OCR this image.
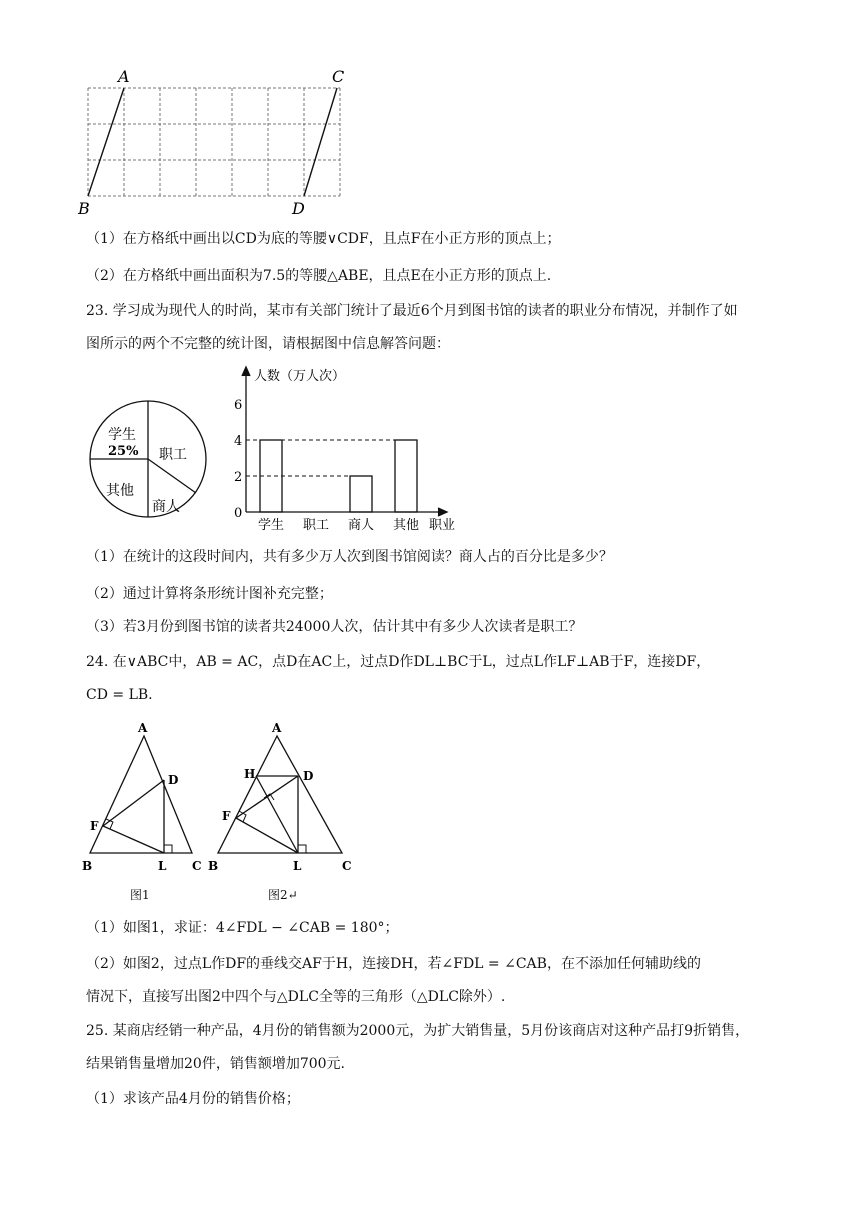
A
B
C
D
（1）在方格纸中画出以CD为底的等腰∨CDF，且点F在小正方形的顶点上；
（2）在方格纸中画出面积为7.5的等腰△ABE，且点E在小正方形的顶点上.
23. 学习成为现代人的时尚，某市有关部门统计了最近6个月到图书馆的读者的职业分布情况，并制作了如
图所示的两个不完整的统计图，请根据图中信息解答问题：
学生
25% 职工
其他
商人
人数（万人次）
职业
0
2
4
6
学生 职工 商人 其他
（1）在统计的这段时间内，共有多少万人次到图书馆阅读？商人占的百分比是多少？
（2）通过计算将条形统计图补充完整；
（3）若3月份到图书馆的读者共24000人次，估计其中有多少人次读者是职工？
24. 在∨ABC中，AB = AC，点D在AC上，过点D作DL⊥BC于L，过点L作LF⊥AB于F，连接DF，
CD = LB.
A
D
F
B	L C
图1
A
H	D
F
B	L	C
图2↵
（1）如图1，求证：4∠FDL − ∠CAB = 180°；
（2）如图2，过点L作DF的垂线交AF于H，连接DH，若∠FDL = ∠CAB，在不添加任何辅助线的
情况下，直接写出图2中四个与△DLC全等的三角形（△DLC除外）.
25. 某商店经销一种产品，4月份的销售额为2000元，为扩大销售量，5月份该商店对这种产品打9折销售，
结果销售量增加20件，销售额增加700元.
（1）求该产品4月份的销售价格；
